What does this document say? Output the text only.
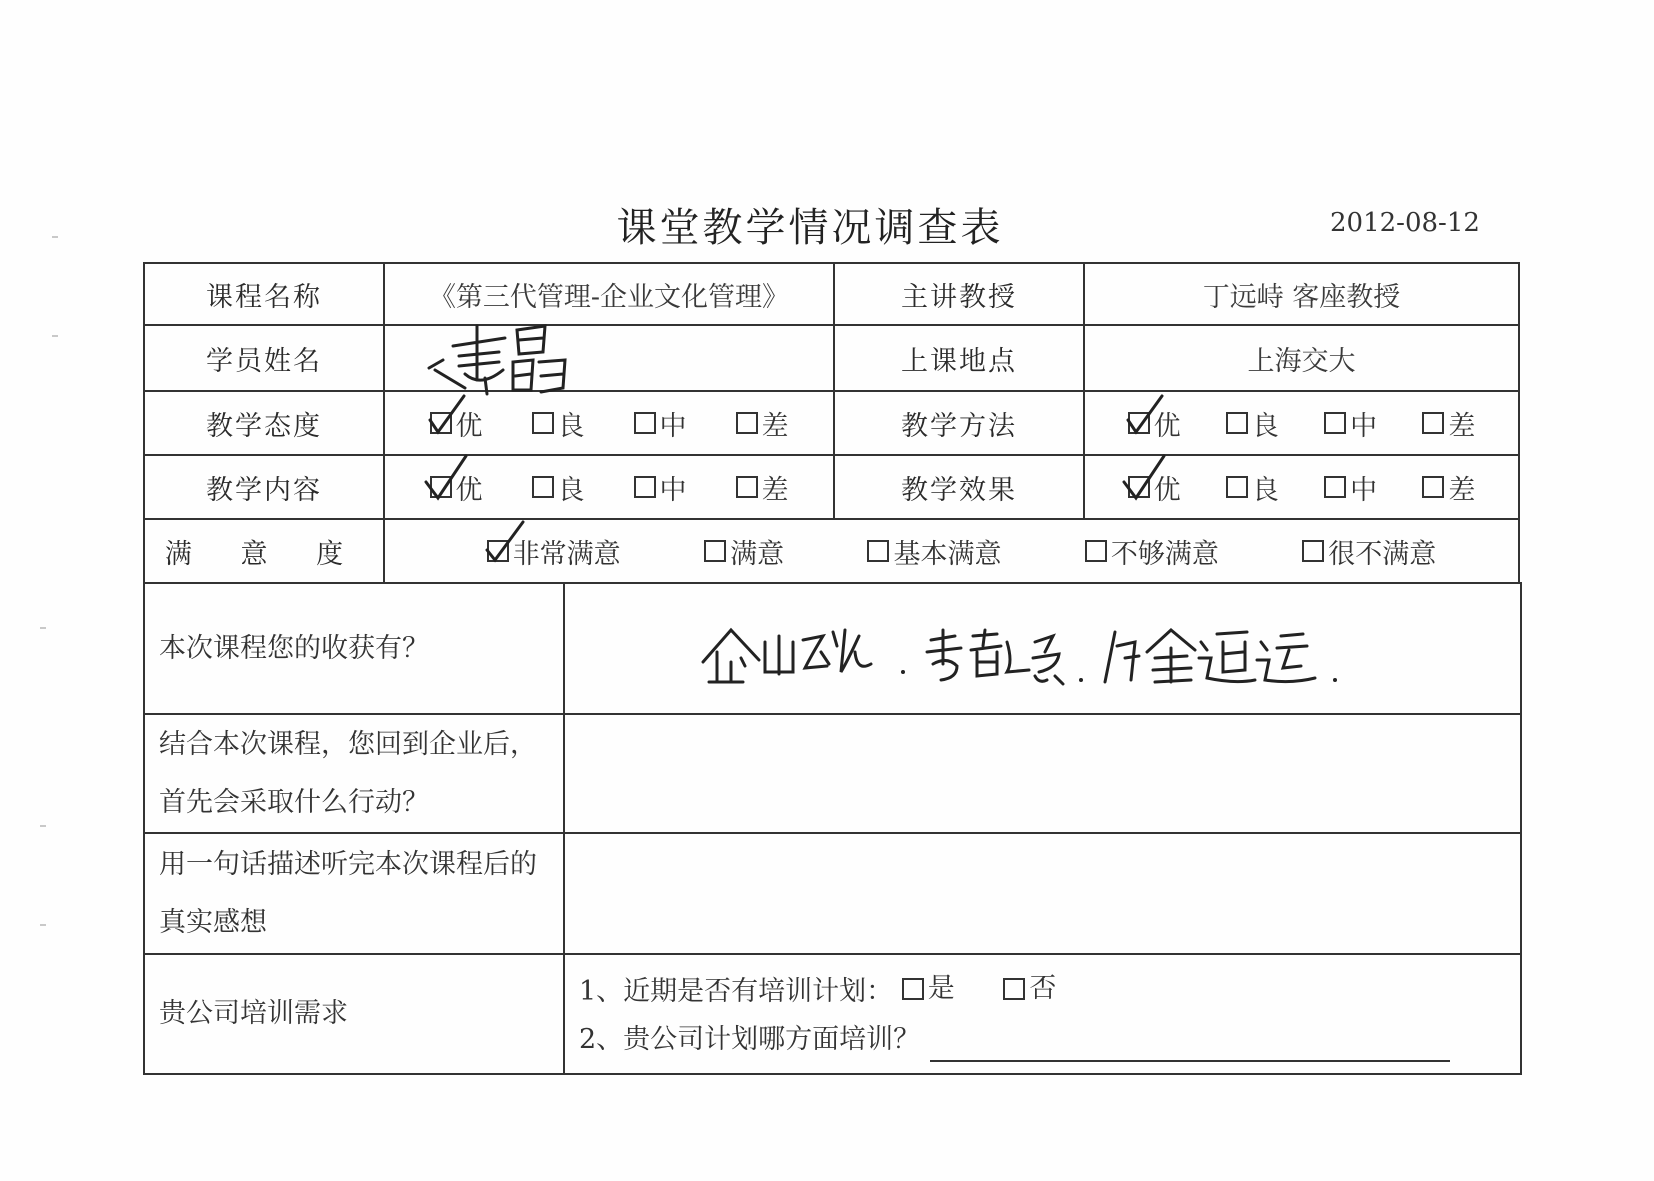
课堂教学情况调查表	2012-08-12
课程名称	《第三代管理-企业文化管理》	主讲教授	丁远峙 客座教授
学员姓名		上课地点	上海交大
教学态度	优 良 中 差	教学方法	优 良 中 差

教学内容	优 良 中 差	教学效果	优 良 中 差

满 意 度	非常满意 满意 基本满意 不够满意 很不满意		
本次课程您的收获有？	

结合本次课程，您回到企业后，首先会采取什么行动？	
用一句话描述听完本次课程后的真实感想	
贵公司培训需求	1、近期是否有培训计划： 是
否
2、贵公司计划哪方面培训？
